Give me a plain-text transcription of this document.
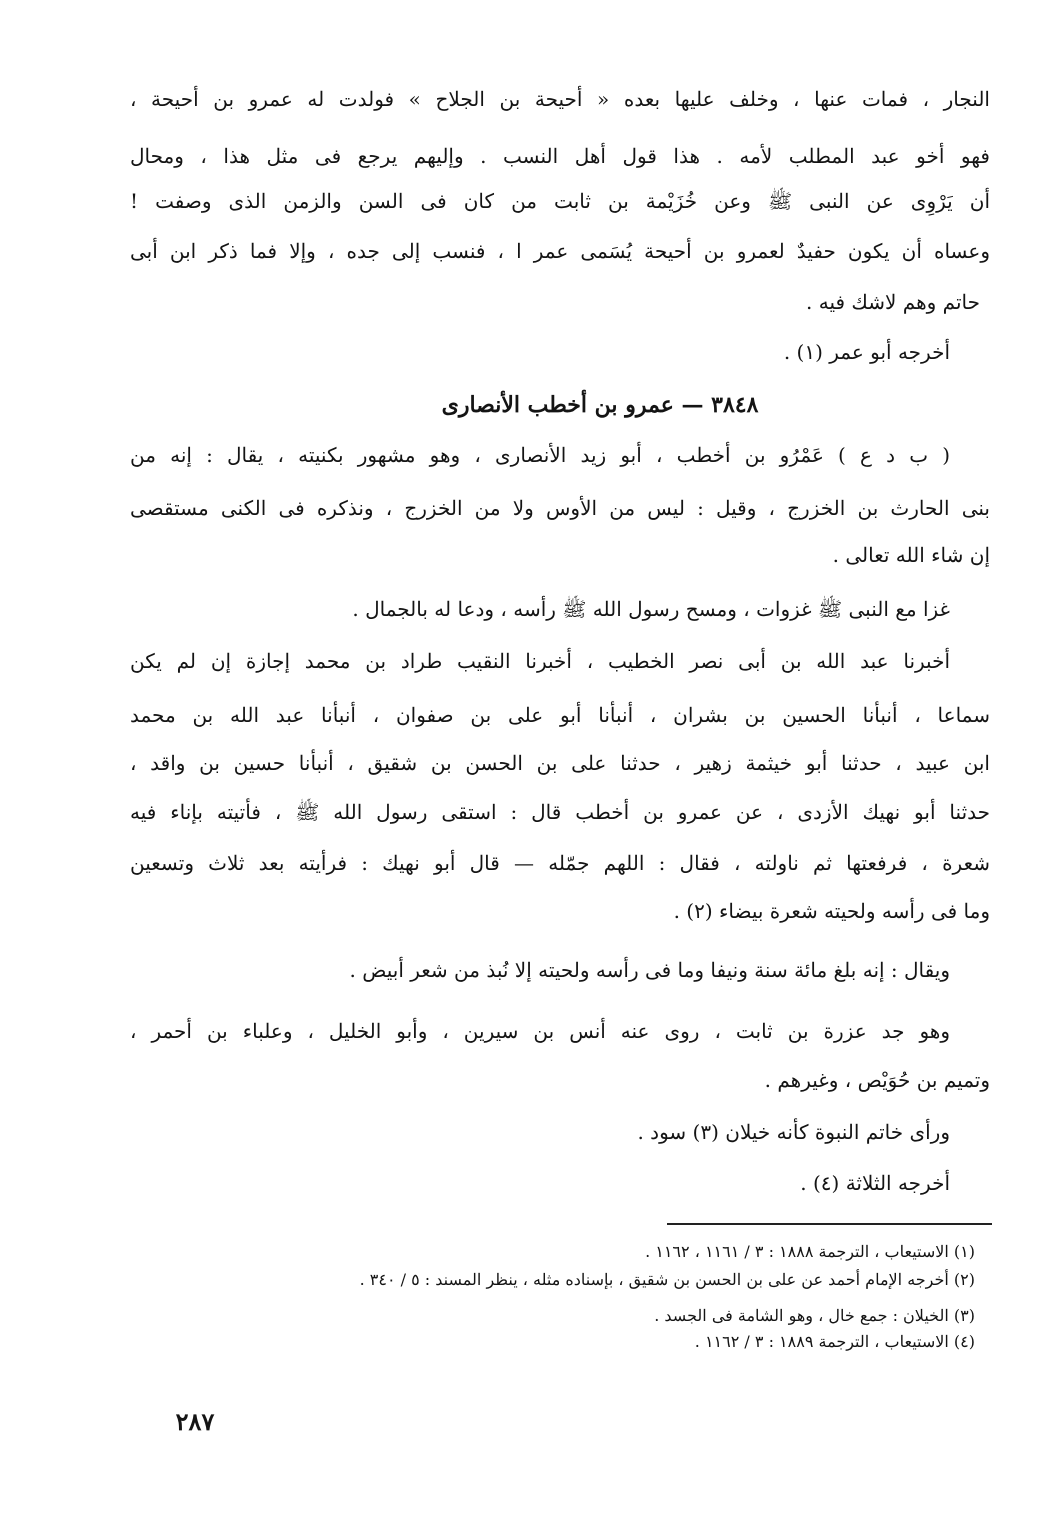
النجار ، فمات عنها ، وخلف عليها بعده « أحيحة بن الجلاح » فولدت له عمرو بن أحيحة ،
فهو أخو عبد المطلب لأمه . هذا قول أهل النسب . وإليهم يرجع فى مثل هذا ، ومحال
أن يَرْوِى عن النبى ﷺ وعن خُزَيْمة بن ثابت من كان فى السن والزمن الذى وصفت !
وعساه أن يكون حفيدٌ لعمرو بن أحيحة يُسَمى عمر ا ، فنسب إلى جده ، وإلا فما ذكر ابن أبى
حاتم وهم لاشك فيه .
أخرجه أبو عمر (١) .
٣٨٤٨ — عمرو بن أخطب الأنصارى
( ب د ع ) عَمْرُو بن أخطب ، أبو زيد الأنصارى ، وهو مشهور بكنيته ، يقال : إنه من
بنى الحارث بن الخزرج ، وقيل : ليس من الأوس ولا من الخزرج ، ونذكره فى الكنى مستقصى
إن شاء الله تعالى .
غزا مع النبى ﷺ غزوات ، ومسح رسول الله ﷺ رأسه ، ودعا له بالجمال .
أخبرنا عبد الله بن أبى نصر الخطيب ، أخبرنا النقيب طراد بن محمد إجازة إن لم يكن
سماعا ، أنبأنا الحسين بن بشران ، أنبأنا أبو على بن صفوان ، أنبأنا عبد الله بن محمد
ابن عبيد ، حدثنا أبو خيثمة زهير ، حدثنا على بن الحسن بن شقيق ، أنبأنا حسين بن واقد ،
حدثنا أبو نهيك الأزدى ، عن عمرو بن أخطب قال : استقى رسول الله ﷺ ، فأتيته بإناء فيه
شعرة ، فرفعتها ثم ناولته ، فقال : اللهم جمّله — قال أبو نهيك : فرأيته بعد ثلاث وتسعين
وما فى رأسه ولحيته شعرة بيضاء (٢) .
ويقال : إنه بلغ مائة سنة ونيفا وما فى رأسه ولحيته إلا نُبذ من شعر أبيض .
وهو جد عزرة بن ثابت ، روى عنه أنس بن سيرين ، وأبو الخليل ، وعلباء بن أحمر ،
وتميم بن حُوَيْص ، وغيرهم .
ورأى خاتم النبوة كأنه خيلان (٣) سود .
أخرجه الثلاثة (٤) .
(١) الاستيعاب ، الترجمة ١٨٨٨ : ٣ / ١١٦١ ، ١١٦٢ .
(٢) أخرجه الإمام أحمد عن على بن الحسن بن شقيق ، بإسناده مثله ، ينظر المسند : ٥ / ٣٤٠ .
(٣) الخيلان : جمع خال ، وهو الشامة فى الجسد .
(٤) الاستيعاب ، الترجمة ١٨٨٩ : ٣ / ١١٦٢ .
٢٨٧
